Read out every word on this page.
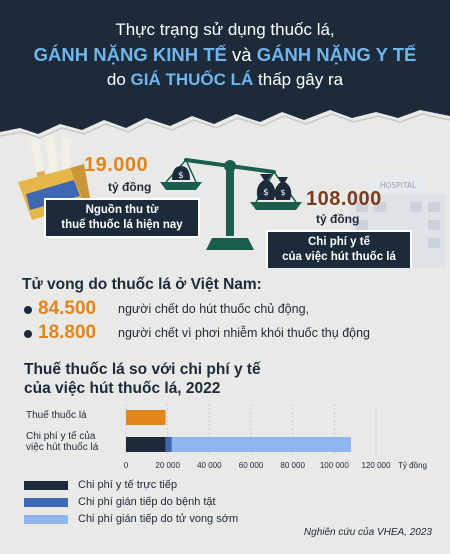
Thực trạng sử dụng thuốc lá,
GÁNH NẶNG KINH TẾ và GÁNH NẶNG Y TẾ
do GIÁ THUỐC LÁ thấp gây ra
19.000
tỷ đồng
Nguồn thu từ
thuế thuốc lá hiện nay
$
$ $
HOSPITAL
108.000
tỷ đồng
Chi phí y tế
của việc hút thuốc lá
Tử vong do thuốc lá ở Việt Nam:
84.500 người chết do hút thuốc chủ động,
18.800 người chết vì phơi nhiễm khói thuốc thụ động
Thuế thuốc lá so với chi phí y tế
của việc hút thuốc lá, 2022
0	20 000 40 000 60 000 80 000 100 000 120 000 Tỷ đồng
Thuế thuốc lá
Chi phí y tế của
việc hút thuốc lá
Chi phí y tế trực tiếp
Chi phí gián tiếp do bệnh tật
Chi phí gián tiếp do tử vong sớm
Nghiên cứu của VHEA, 2023
